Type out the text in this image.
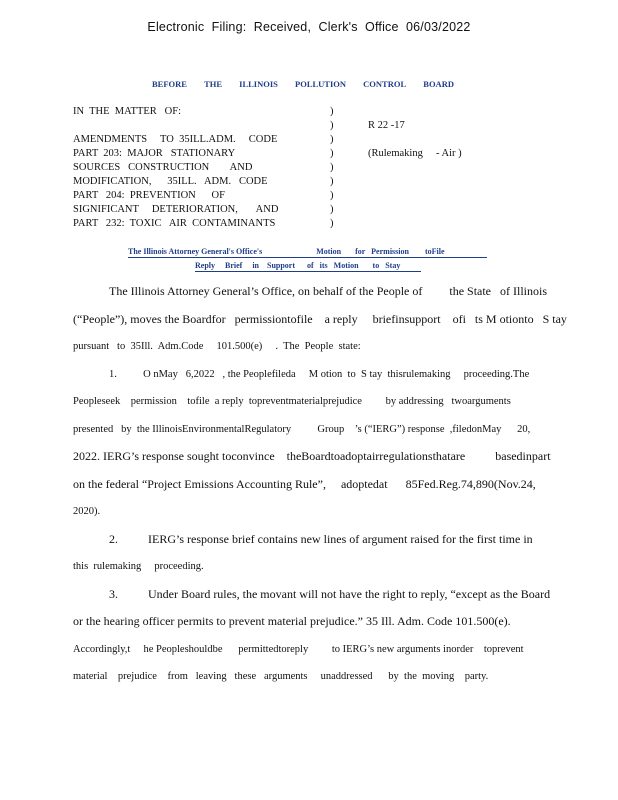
Electronic  Filing:  Received,  Clerk's  Office  06/03/2022
BEFORE THE ILLINOIS POLLUTION CONTROL BOARD
IN  THE  MATTER   OF:
AMENDMENTS     TO  35ILL.ADM.     CODE
PART  203:  MAJOR   STATIONARY
SOURCES   CONSTRUCTION        AND
MODIFICATION,      35ILL.   ADM.   CODE
PART   204:  PREVENTION      OF
SIGNIFICANT     DETERIORATION,       AND
PART   232:  TOXIC   AIR  CONTAMINANTS
)
)
)
)
)
)
)
)
)
R 22 -17
(Rulemaking     - Air )
The Illinois Attorney General's Office's                           Motion       for   Permission        toFile
Reply     Brief     in    Support      of   its   Motion       to   Stay
The Illinois Attorney General’s Office, on behalf of the People of         the State   of Illinois
(“People”), moves the Boardfor   permissiontofile    a reply     briefinsupport    ofi   ts M otionto   S tay
pursuant   to  35Ill.  Adm.Code     101.500(e)     .  The  People  state:
1.          O nMay   6,2022   , the Peoplefileda     M otion  to  S tay  thisrulemaking     proceeding.The
Peopleseek    permission    tofile  a reply  topreventmaterialprejudice         by addressing   twoarguments
presented   by  the IllinoisEnvironmentalRegulatory          Group    ’s (“IERG”) response  ,filedonMay      20,
2022. IERG’s response sought toconvince    theBoardtoadoptairregulationsthatare          basedinpart
on the federal “Project Emissions Accounting Rule”,     adoptedat      85Fed.Reg.74,890(Nov.24,
2020).
2.          IERG’s response brief contains new lines of argument raised for the first time in
this  rulemaking     proceeding.
3.          Under Board rules, the movant will not have the right to reply, “except as the Board
or the hearing officer permits to prevent material prejudice.” 35 Ill. Adm. Code 101.500(e).
Accordingly,t     he Peopleshouldbe      permittedtoreply         to IERG’s new arguments inorder    toprevent
material    prejudice    from   leaving   these   arguments     unaddressed      by  the  moving    party.
